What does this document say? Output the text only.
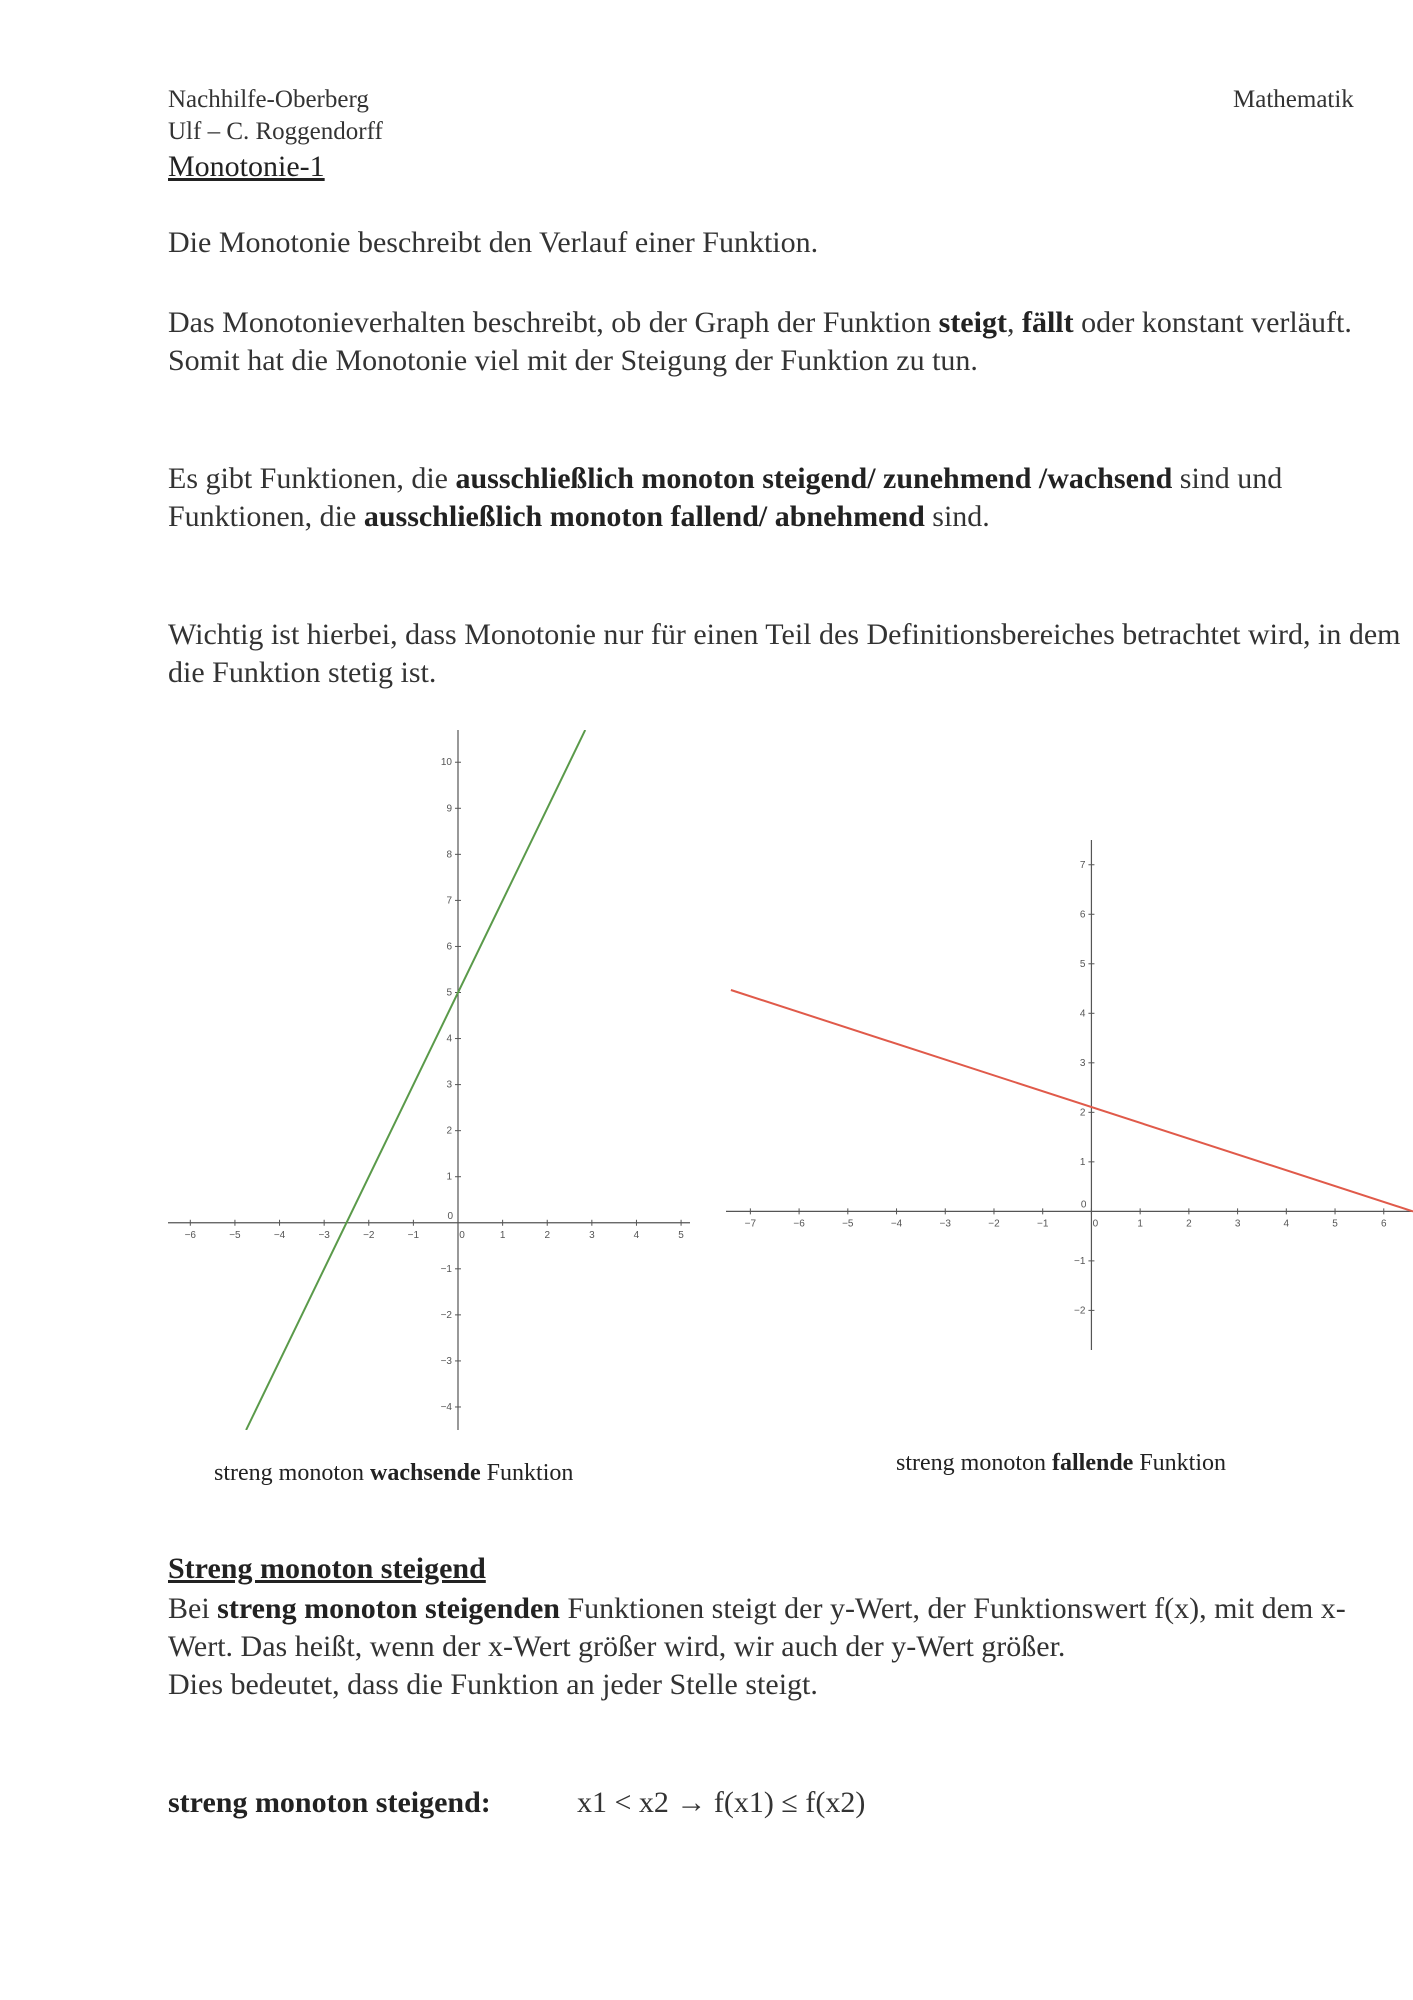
Nachhilfe-Oberberg
Ulf – C. Roggendorff
Mathematik
Monotonie-1
Die Monotonie beschreibt den Verlauf einer Funktion.
Das Monotonieverhalten beschreibt, ob der Graph der Funktion steigt, fällt oder konstant verläuft. Somit hat die Monotonie viel mit der Steigung der Funktion zu tun.
Es gibt Funktionen, die ausschließlich monoton steigend/ zunehmend /wachsend sind und Funktionen, die ausschließlich monoton fallend/ abnehmend sind.
Wichtig ist hierbei, dass Monotonie nur für einen Teil des Definitionsbereiches betrachtet wird, in dem die Funktion stetig ist.
−6	−5	−4	−3	−2	−1	0	1	2	3	4	5
−4
−3
−2
−1
0
1
2
3
4
5
6
7
8
9
10
−7	−6	−5	−4	−3	−2	−1	0	1	2	3	4	5	6
−2
−1
0
1
2
3
4
5
6
7
streng monoton wachsende Funktion	streng monoton fallende Funktion
Streng monoton steigend
Bei streng monoton steigenden Funktionen steigt der y-Wert, der Funktionswert f(x), mit dem x-Wert. Das heißt, wenn der x-Wert größer wird, wir auch der y-Wert größer.
Dies bedeutet, dass die Funktion an jeder Stelle steigt.
streng monoton steigend:	x1 < x2 → f(x1) ≤ f(x2)
